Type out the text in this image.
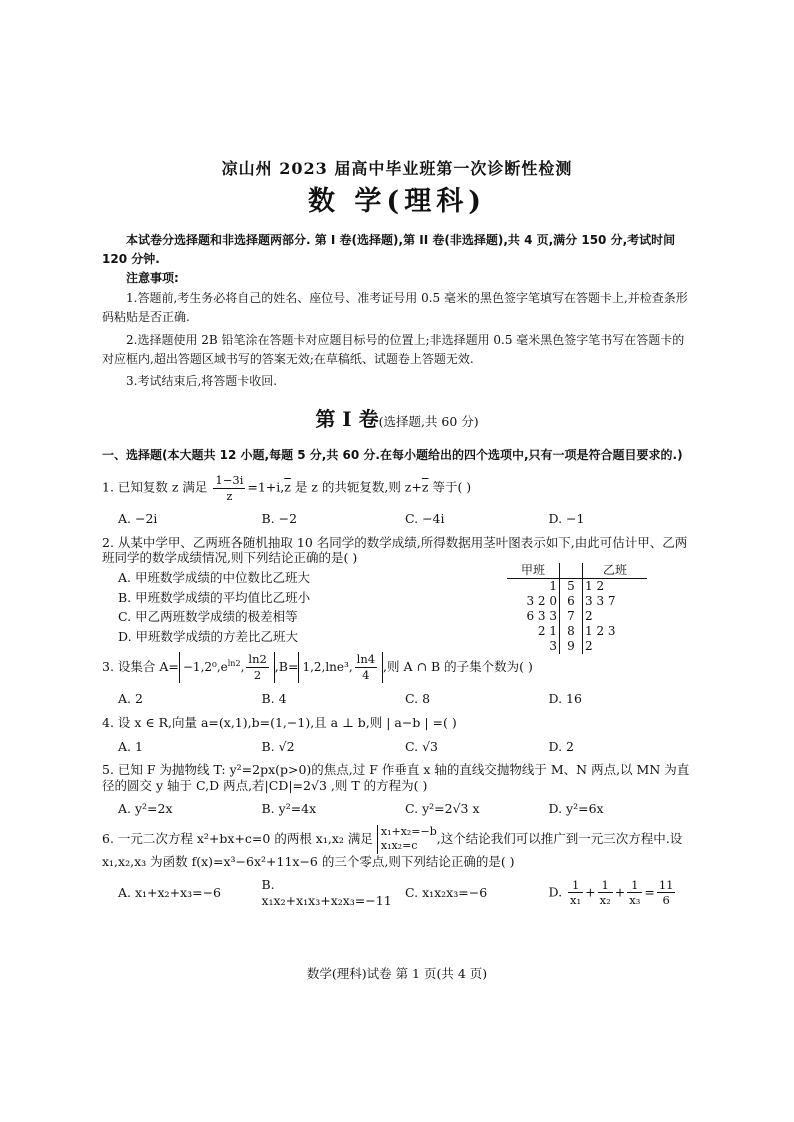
凉山州 2023 届高中毕业班第一次诊断性检测
数 学(理科)
本试卷分选择题和非选择题两部分. 第 I 卷(选择题),第 II 卷(非选择题),共 4 页,满分 150 分,考试时间 120 分钟.
注意事项:
1.答题前,考生务必将自己的姓名、座位号、准考证号用 0.5 毫米的黑色签字笔填写在答题卡上,并检查条形码粘贴是否正确.
2.选择题使用 2B 铅笔涂在答题卡对应题目标号的位置上;非选择题用 0.5 毫米黑色签字笔书写在答题卡的对应框内,超出答题区域书写的答案无效;在草稿纸、试题卷上答题无效.
3.考试结束后,将答题卡收回.
第 I 卷(选择题,共 60 分)
一、选择题(本大题共 12 小题,每题 5 分,共 60 分.在每小题给出的四个选项中,只有一项是符合题目要求的.)
1. 已知复数 z 满足 $\frac{1-3i}{z} =1+i,\overline{z}$ 是 z 的共轭复数,则 $z+\overline{z}$ 等于( )
A. −2i	B. −2	C. −4i	D. −1
2. 从某中学甲、乙两班各随机抽取 10 名同学的数学成绩,所得数据用茎叶图表示如下,由此可估计甲、乙两班同学的数学成绩情况,则下列结论正确的是( )
A. 甲班数学成绩的中位数比乙班大
B. 甲班数学成绩的平均值比乙班小
C. 甲乙两班数学成绩的极差相等
D. 甲班数学成绩的方差比乙班大
甲班		乙班
1	5	1 2
3 2 0	6	3 3 7
6 3 3	7	2
2 1	8	1 2 3
3	9	2
3. 设集合 $A= -1,2^0,e^{ln2}$, $\frac{\ln 2}{2} ,B= 1,2,\ln e^3$, $\frac{\ln 4}{4}$ ,则 A ∩ B 的子集个数为( )
A. 2	B. 4	C. 8	D. 16
4. 设 x ∈ R,向量 a=(x,1),b=(1,−1),且 a ⊥ b,则 | a−b | =( )
A. 1	B. √2	C. √3	D. 2
5. 已知 F 为抛物线 T: y²=2px(p>0)的焦点,过 F 作垂直 x 轴的直线交抛物线于 M、N 两点,以 MN 为直径的圆交 y 轴于 C,D 两点,若|CD|=2√3 ,则 T 的方程为( )
A. y²=2x	B. y²=4x	C. y²=2√3 x	D. y²=6x
6. 一元二次方程 x²+bx+c=0 的两根 x₁,x₂ 满足 x₁+x₂=−b
x₁x₂=c	,这个结论我们可以推广到一元三次方程中.设 x₁,x₂,x₃ 为函数 f(x)=x³−6x²+11x−6 的三个零点,则下列结论正确的是( )
A. x₁+x₂+x₃=−6
B. x₁x₂+x₁x₃+x₂x₃=−11
C. x₁x₂x₃=−6	D. $\frac{1}{\text{x₁}} + \frac{1}{\text{x₂}} + \frac{1}{\text{x₃}} = \frac{11}{6}$
数学(理科)试卷 第 1 页(共 4 页)
